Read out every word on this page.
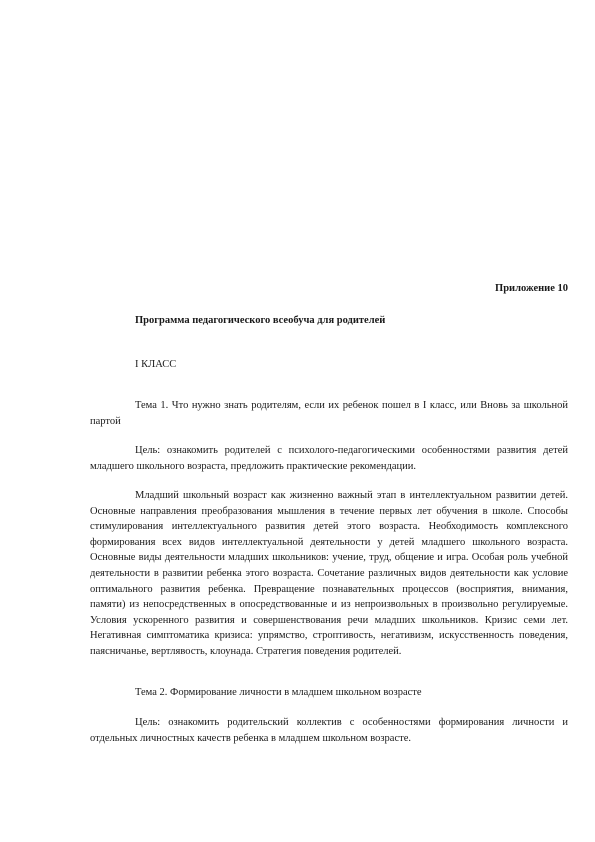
Приложение 10

Программа педагогического всеобуча для родителей

I КЛАСС

Тема 1. Что нужно знать родителям, если их ребенок пошел в I класс, или Вновь за школьной партой

Цель: ознакомить родителей с психолого-педагогическими особенностями развития детей младшего школьного возраста, предложить практические рекомендации.

Младший школьный возраст как жизненно важный этап в интеллектуальном развитии детей. Основные направления преобразования мышления в течение первых лет обучения в школе. Способы стимулирования интеллектуального развития детей этого возраста. Необходимость комплексного формирования всех видов интеллектуальной деятельности у детей младшего школьного возраста. Основные виды деятельности младших школьников: учение, труд, общение и игра. Особая роль учебной деятельности в развитии ребенка этого возраста. Сочетание различных видов деятельности как условие оптимального развития ребенка. Превращение познавательных процессов (восприятия, внимания, памяти) из непосредственных в опосредствованные и из непроизвольных в произвольно регулируемые. Условия ускоренного развития и совершенствования речи младших школьников. Кризис семи лет. Негативная симптоматика кризиса: упрямство, строптивость, негативизм, искусственность поведения, паясничанье, вертлявость, клоунада. Стратегия поведения родителей.

Тема 2. Формирование личности в младшем школьном возрасте

Цель: ознакомить родительский коллектив с особенностями формирования личности и отдельных личностных качеств ребенка в младшем школьном возрасте.
